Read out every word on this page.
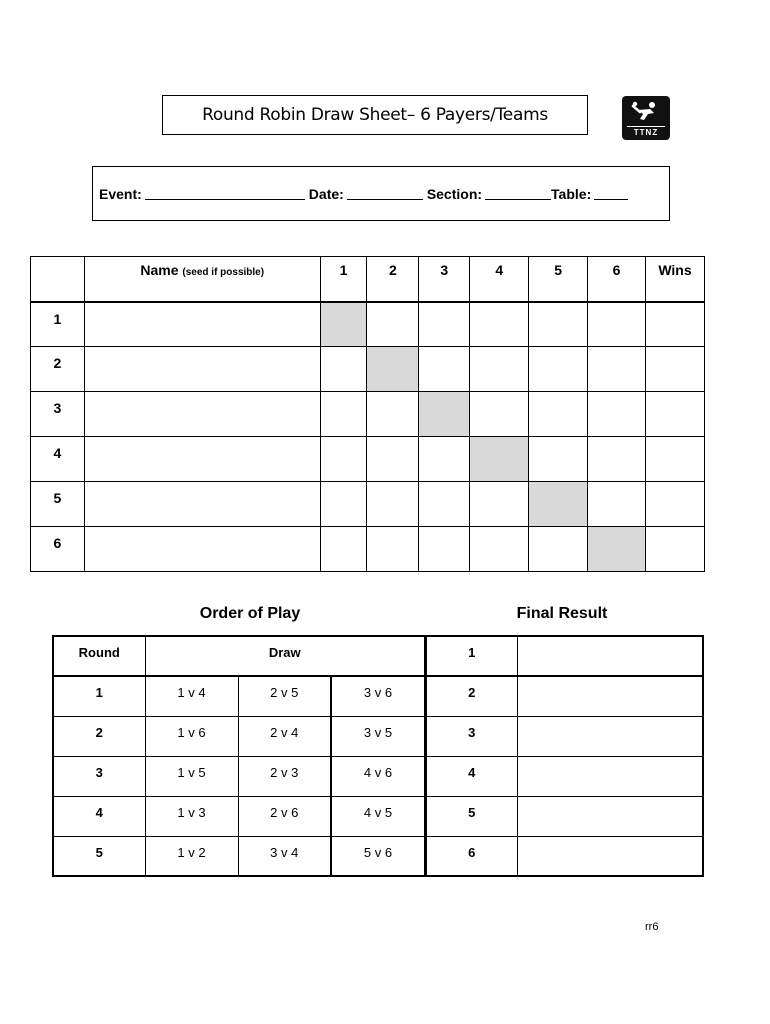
Round Robin Draw Sheet– 6 Payers/Teams
TTNZ
Event:	Date:	Section:	Table:
	Name (seed if possible)	1	2	3	4	5	6	Wins
1								
2								
3								
4								
5								
6								
Order of Play	Final Result
Round	Draw		
1	1 v 4	2 v 5	3 v 6
2	1 v 6	2 v 4	3 v 5
3	1 v 5	2 v 3	4 v 6
4	1 v 3	2 v 6	4 v 5
5	1 v 2	3 v 4	5 v 6
1	
2	
3	
4	
5	
6	
rr6
